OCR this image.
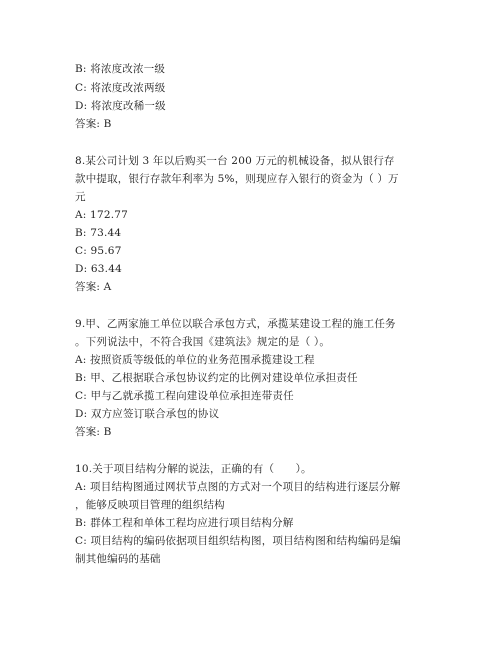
B: 将浓度改浓一级
C: 将浓度改浓两级
D: 将浓度改稀一级
答案: B
8.某公司计划 3 年以后购买一台 200 万元的机械设备，拟从银行存
款中提取，银行存款年利率为 5%，则现应存入银行的资金为（ ）万
元
A: 172.77
B: 73.44
C: 95.67
D: 63.44
答案: A
9.甲、乙两家施工单位以联合承包方式，承揽某建设工程的施工任务
。下列说法中，不符合我国《建筑法》规定的是（ ）。
A: 按照资质等级低的单位的业务范围承揽建设工程
B: 甲、乙根据联合承包协议约定的比例对建设单位承担责任
C: 甲与乙就承揽工程向建设单位承担连带责任
D: 双方应签订联合承包的协议
答案: B
10.关于项目结构分解的说法，正确的有（　　）。
A: 项目结构图通过网状节点图的方式对一个项目的结构进行逐层分解
，能够反映项目管理的组织结构
B: 群体工程和单体工程均应进行项目结构分解
C: 项目结构的编码依据项目组织结构图，项目结构图和结构编码是编
制其他编码的基础
